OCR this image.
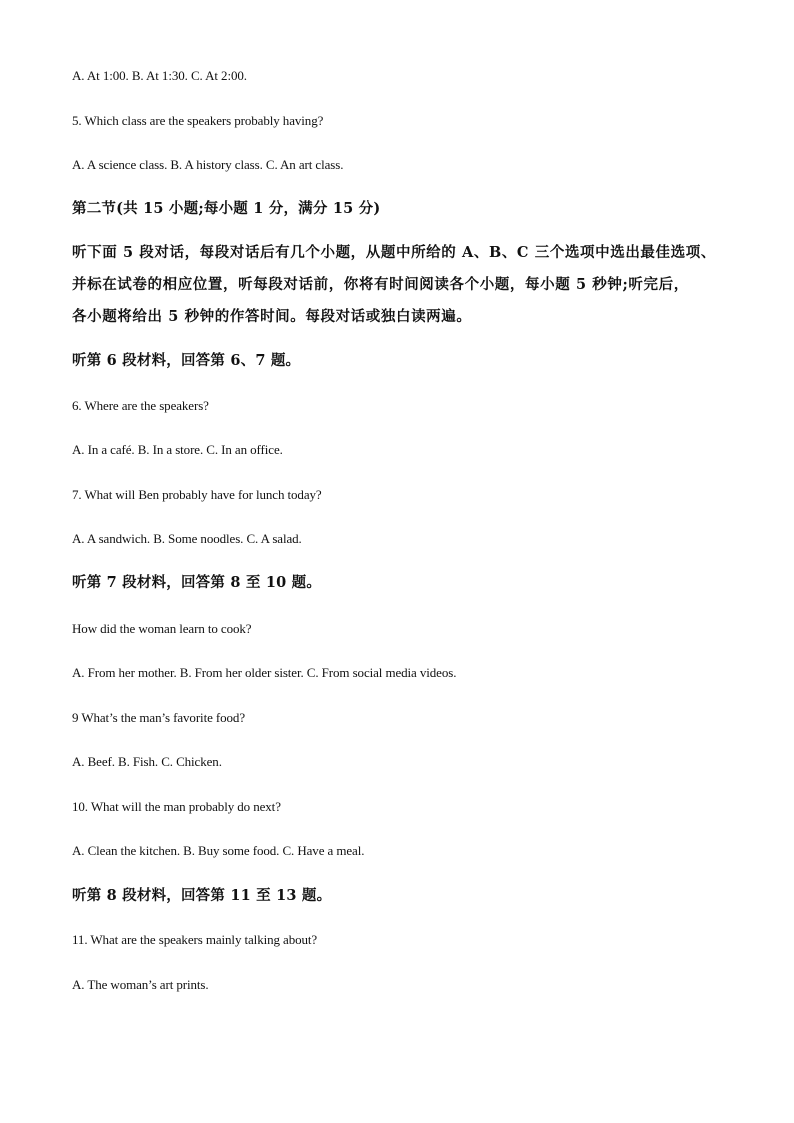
A. At 1:00. B. At 1:30. C. At 2:00.
5. Which class are the speakers probably having?
A. A science class. B. A history class. C. An art class.
第二节(共 15 小题;每小题 1 分，满分 15 分)
听下面 5 段对话，每段对话后有几个小题，从题中所给的 A、B、C 三个选项中选出最佳选项、
并标在试卷的相应位置，听每段对话前，你将有时间阅读各个小题，每小题 5 秒钟;听完后，
各小题将给出 5 秒钟的作答时间。每段对话或独白读两遍。
听第 6 段材料，回答第 6、7 题。
6. Where are the speakers?
A. In a café. B. In a store. C. In an office.
7. What will Ben probably have for lunch today?
A. A sandwich. B. Some noodles. C. A salad.
听第 7 段材料，回答第 8 至 10 题。
How did the woman learn to cook?
A. From her mother. B. From her older sister. C. From social media videos.
9 What’s the man’s favorite food?
A. Beef. B. Fish. C. Chicken.
10. What will the man probably do next?
A. Clean the kitchen. B. Buy some food. C. Have a meal.
听第 8 段材料，回答第 11 至 13 题。
11. What are the speakers mainly talking about?
A. The woman’s art prints.
